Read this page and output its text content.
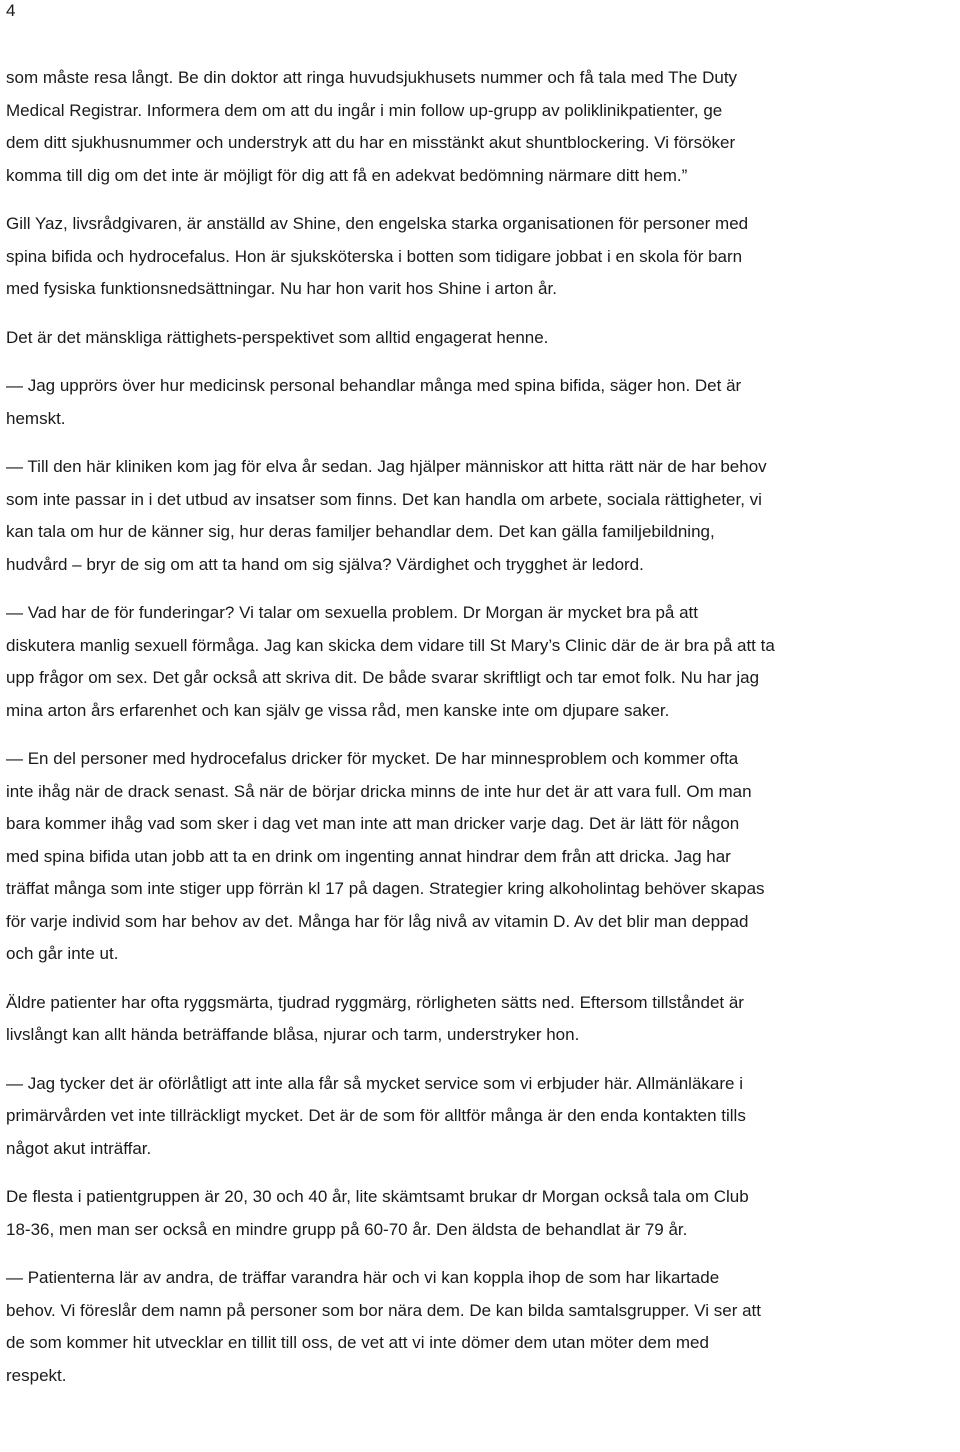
4

som måste resa långt. Be din doktor att ringa huvudsjukhusets nummer och få tala med The Duty
Medical Registrar. Informera dem om att du ingår i min follow up-grupp av poliklinikpatienter, ge
dem ditt sjukhusnummer och understryk att du har en misstänkt akut shuntblockering. Vi försöker
komma till dig om det inte är möjligt för dig att få en adekvat bedömning närmare ditt hem.”

Gill Yaz, livsrådgivaren, är anställd av Shine, den engelska starka organisationen för personer med
spina bifida och hydrocefalus. Hon är sjuksköterska i botten som tidigare jobbat i en skola för barn
med fysiska funktionsnedsättningar. Nu har hon varit hos Shine i arton år.

Det är det mänskliga rättighets-perspektivet som alltid engagerat henne.

— Jag upprörs över hur medicinsk personal behandlar många med spina bifida, säger hon. Det är
hemskt.

— Till den här kliniken kom jag för elva år sedan. Jag hjälper människor att hitta rätt när de har behov
som inte passar in i det utbud av insatser som finns. Det kan handla om arbete, sociala rättigheter, vi
kan tala om hur de känner sig, hur deras familjer behandlar dem. Det kan gälla familjebildning,
hudvård – bryr de sig om att ta hand om sig själva? Värdighet och trygghet är ledord.

— Vad har de för funderingar? Vi talar om sexuella problem. Dr Morgan är mycket bra på att
diskutera manlig sexuell förmåga. Jag kan skicka dem vidare till St Mary’s Clinic där de är bra på att ta
upp frågor om sex. Det går också att skriva dit. De både svarar skriftligt och tar emot folk. Nu har jag
mina arton års erfarenhet och kan själv ge vissa råd, men kanske inte om djupare saker.

— En del personer med hydrocefalus dricker för mycket. De har minnesproblem och kommer ofta
inte ihåg när de drack senast. Så när de börjar dricka minns de inte hur det är att vara full. Om man
bara kommer ihåg vad som sker i dag vet man inte att man dricker varje dag. Det är lätt för någon
med spina bifida utan jobb att ta en drink om ingenting annat hindrar dem från att dricka. Jag har
träffat många som inte stiger upp förrän kl 17 på dagen. Strategier kring alkoholintag behöver skapas
för varje individ som har behov av det. Många har för låg nivå av vitamin D. Av det blir man deppad
och går inte ut.

Äldre patienter har ofta ryggsmärta, tjudrad ryggmärg, rörligheten sätts ned. Eftersom tillståndet är
livslångt kan allt hända beträffande blåsa, njurar och tarm, understryker hon.

— Jag tycker det är oförlåtligt att inte alla får så mycket service som vi erbjuder här. Allmänläkare i
primärvården vet inte tillräckligt mycket. Det är de som för alltför många är den enda kontakten tills
något akut inträffar.

De flesta i patientgruppen är 20, 30 och 40 år, lite skämtsamt brukar dr Morgan också tala om Club
18-36, men man ser också en mindre grupp på 60-70 år. Den äldsta de behandlat är 79 år.

— Patienterna lär av andra, de träffar varandra här och vi kan koppla ihop de som har likartade
behov. Vi föreslår dem namn på personer som bor nära dem. De kan bilda samtalsgrupper. Vi ser att
de som kommer hit utvecklar en tillit till oss, de vet att vi inte dömer dem utan möter dem med
respekt.
